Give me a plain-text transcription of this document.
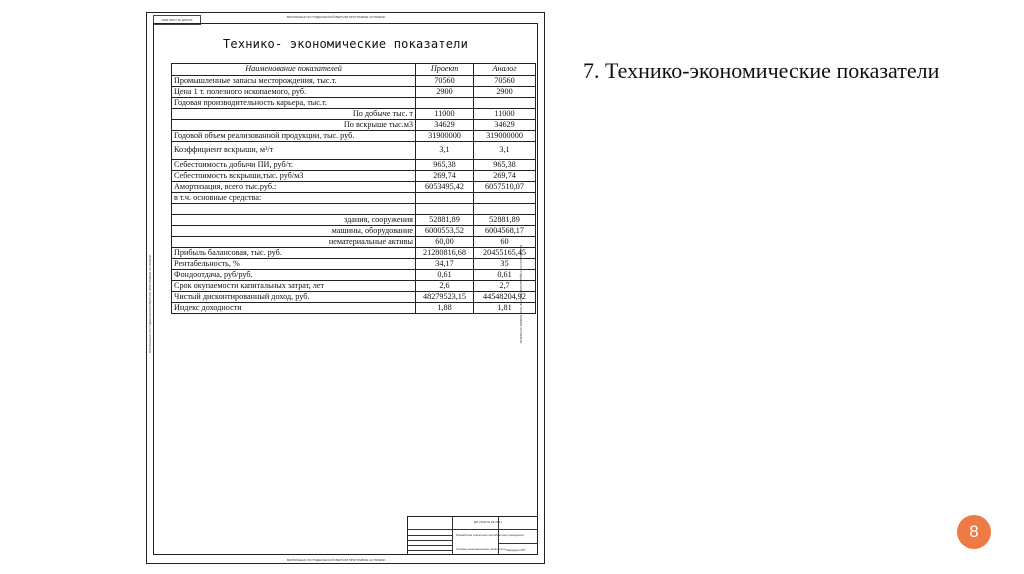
ВЫПОЛНЕНО В СТУДЕНЧЕСКОЙ ВЕРСИИ ПРОГРАММЫ AUTODESK
ВЫПОЛНЕНО В СТУДЕНЧЕСКОЙ ВЕРСИИ ПРОГРАММЫ AUTODESK
ВЫПОЛНЕНО В СТУДЕНЧЕСКОЙ ВЕРСИИ ПРОГРАММЫ AUTODESK	ВЫПОЛНЕНО В СТУДЕНЧЕСКОЙ ВЕРСИИ ПРОГРАММЫ AUTODESK
ИЗМ ЛИСТ № ДОКУМ
Технико- экономические показатели
Наименование показателей	Проект	Аналог
Промышленные запасы месторождения, тыс.т.	70560	70560
Цена 1 т. полезного ископаемого, руб.	2900	2900
Годовая производительность карьера, тыс.т.		
По добыче тыс. т	11000	11000
По вскрыше тыс.м3	34629	34629
Годовой объем реализованной продукции, тыс. руб.	31900000	319000000
Коэффициент вскрыши, м³/т	3,1	3,1
Себестоимость добычи ПИ, руб/т.	965,38	965,38
Себестоимость вскрыши,тыс. руб/м3	269,74	269,74
Амортизация, всего тыс.руб.:	6053495,42	6057510,07
в т.ч. основные средства:		

здания, сооружения	52881,89	52881,89
машины, оборудование	6000553,52	6004568,17
нематериальные активы	60,00	60
Прибыль балансовая, тыс. руб.	21280816,68	20455165,45
Рентабельность, %	34,17	35
Фондоотдача, руб/руб.	0,61	0,61
Срок окупаемости капитальных затрат, лет	2,6	2,7
Чистый дисконтированный доход, руб.	48279523,15	44548204,92
Индекс доходности	1,88	1,81
ДП-2018.04.03-2021
Разработка открытым способом месторождения
Технико-экономические показатели Кафедра ОГР
7. Технико-экономические показатели
8
